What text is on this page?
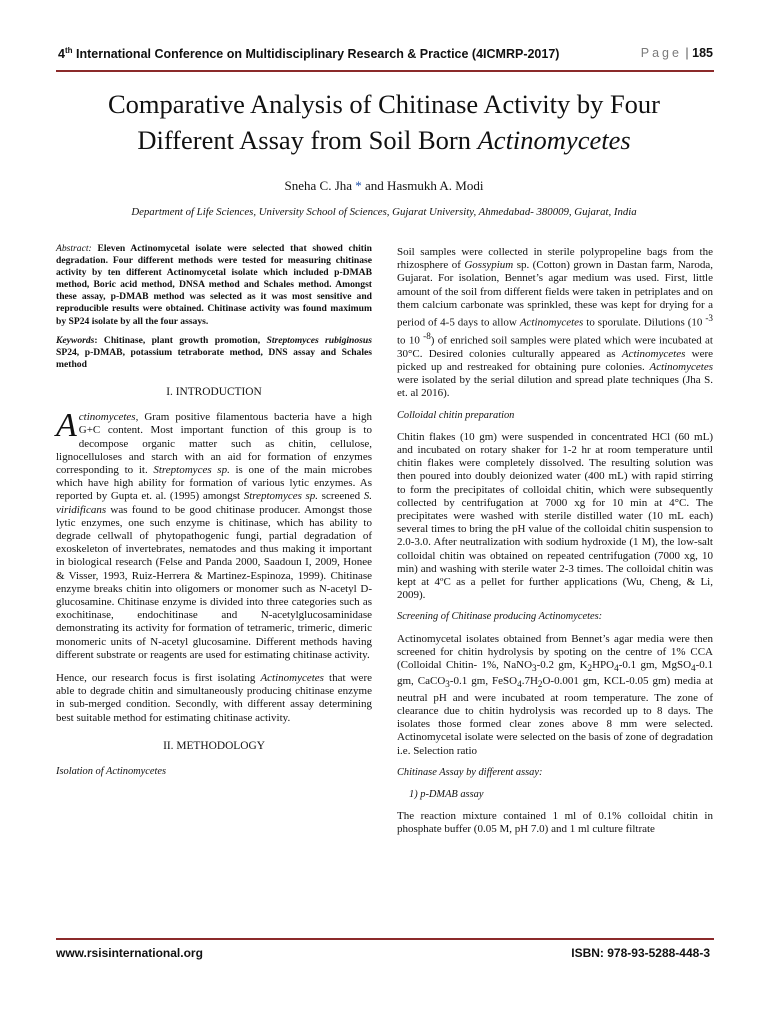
4th International Conference on Multidisciplinary Research & Practice (4ICMRP-2017)	Page | 185
Comparative Analysis of Chitinase Activity by Four
Different Assay from Soil Born Actinomycetes
Sneha C. Jha * and Hasmukh A. Modi
Department of Life Sciences, University School of Sciences, Gujarat University, Ahmedabad- 380009, Gujarat, India

Abstract: Eleven Actinomycetal isolate were selected that showed chitin degradation. Four different methods were tested for measuring chitinase activity by ten different Actinomycetal isolate which included p-DMAB method, Boric acid method, DNSA method and Schales method. Amongst these assay, p-DMAB method was selected as it was most sensitive and reproducible results were obtained. Chitinase activity was found maximum by SP24 isolate by all the four assays.

Keywords: Chitinase, plant growth promotion, Streptomyces rubiginosus SP24, p-DMAB, potassium tetraborate method, DNS assay and Schales method

I. INTRODUCTION

Actinomycetes, Gram positive filamentous bacteria have a high G+C content. Most important function of this group is to decompose organic matter such as chitin, cellulose, lignocelluloses and starch with an aid for formation of enzymes corresponding to it. Streptomyces sp. is one of the main microbes which have high ability for formation of various lytic enzymes. As reported by Gupta et. al. (1995) amongst Streptomyces sp. screened S. viridificans was found to be good chitinase producer. Amongst those lytic enzymes, one such enzyme is chitinase, which has ability to degrade cellwall of phytopathogenic fungi, partial degradation of exoskeleton of invertebrates, nematodes and thus making it important in biological research (Felse and Panda 2000, Saadoun I, 2009, Honee & Visser, 1993, Ruiz-Herrera & Martinez-Espinoza, 1999). Chitinase enzyme breaks chitin into oligomers or monomer such as N-acetyl D-glucosamine. Chitinase enzyme is divided into three categories such as exochitinase, endochitinase and N-acetylglucosaminidase demonstrating its activity for formation of tetrameric, trimeric, dimeric monomeric units of N-acetyl glucosamine. Different methods having different substrate or reagents are used for estimating chitinase activity.

Hence, our research focus is first isolating Actinomycetes that were able to degrade chitin and simultaneously producing chitinase enzyme in sub-merged condition. Secondly, with different assay determining best suitable method for estimating chitinase activity.

II. METHODOLOGY

Isolation of Actinomycetes

Soil samples were collected in sterile polypropeline bags from the rhizosphere of Gossypium sp. (Cotton) grown in Dastan farm, Naroda, Gujarat. For isolation, Bennet’s agar medium was used. First, little amount of the soil from different fields were taken in petriplates and on them calcium carbonate was sprinkled, these was kept for drying for a period of 4-5 days to allow Actinomycetes to sporulate. Dilutions (10 $^{-3}$ to 10 $^{-8}$) of enriched soil samples were plated which were incubated at 30°C. Desired colonies culturally appeared as Actinomycetes were picked up and restreaked for obtaining pure colonies. Actinomycetes were isolated by the serial dilution and spread plate techniques (Jha S. et. al 2016).

Colloidal chitin preparation

Chitin flakes (10 gm) were suspended in concentrated HCl (60 mL) and incubated on rotary shaker for 1-2 hr at room temperature until chitin flakes were completely dissolved. The resulting solution was then poured into doubly deionized water (400 mL) with rapid stirring to form the precipitates of colloidal chitin, which were subsequently collected by centrifugation at 7000 xg for 10 min at 4°C. The precipitates were washed with sterile distilled water (10 mL each) several times to bring the pH value of the colloidal chitin suspension to 2.0-3.0. After neutralization with sodium hydroxide (1 M), the low-salt colloidal chitin was obtained on repeated centrifugation (7000 xg, 10 min) and washing with sterile water 2-3 times. The colloidal chitin was kept at 4ºC as a pellet for further applications (Wu, Cheng, & Li, 2009).

Screening of Chitinase producing Actinomycetes:

Actinomycetal isolates obtained from Bennet’s agar media were then screened for chitin hydrolysis by spoting on the centre of 1% CCA (Colloidal Chitin- 1%, NaNO$_3$-0.2 gm, $K_2HPO_4-0.1$ gm, MgSO$_4$-0.1 gm, CaCO$_3$-0.1 gm, $FeSO_4.7H_2O-0.001$ gm, KCL-0.05 gm) media at neutral pH and were incubated at room temperature. The zone of clearance due to chitin hydrolysis was recorded up to 8 days. The isolates those formed clear zones above 8 mm were selected. Actinomycetal isolate were selected on the basis of zone of degradation i.e. Selection ratio

Chitinase Assay by different assay:

1) p-DMAB assay

The reaction mixture contained 1 ml of 0.1% colloidal chitin in phosphate buffer (0.05 M, pH 7.0) and 1 ml culture filtrate

www.rsisinternational.org	ISBN: 978-93-5288-448-3
